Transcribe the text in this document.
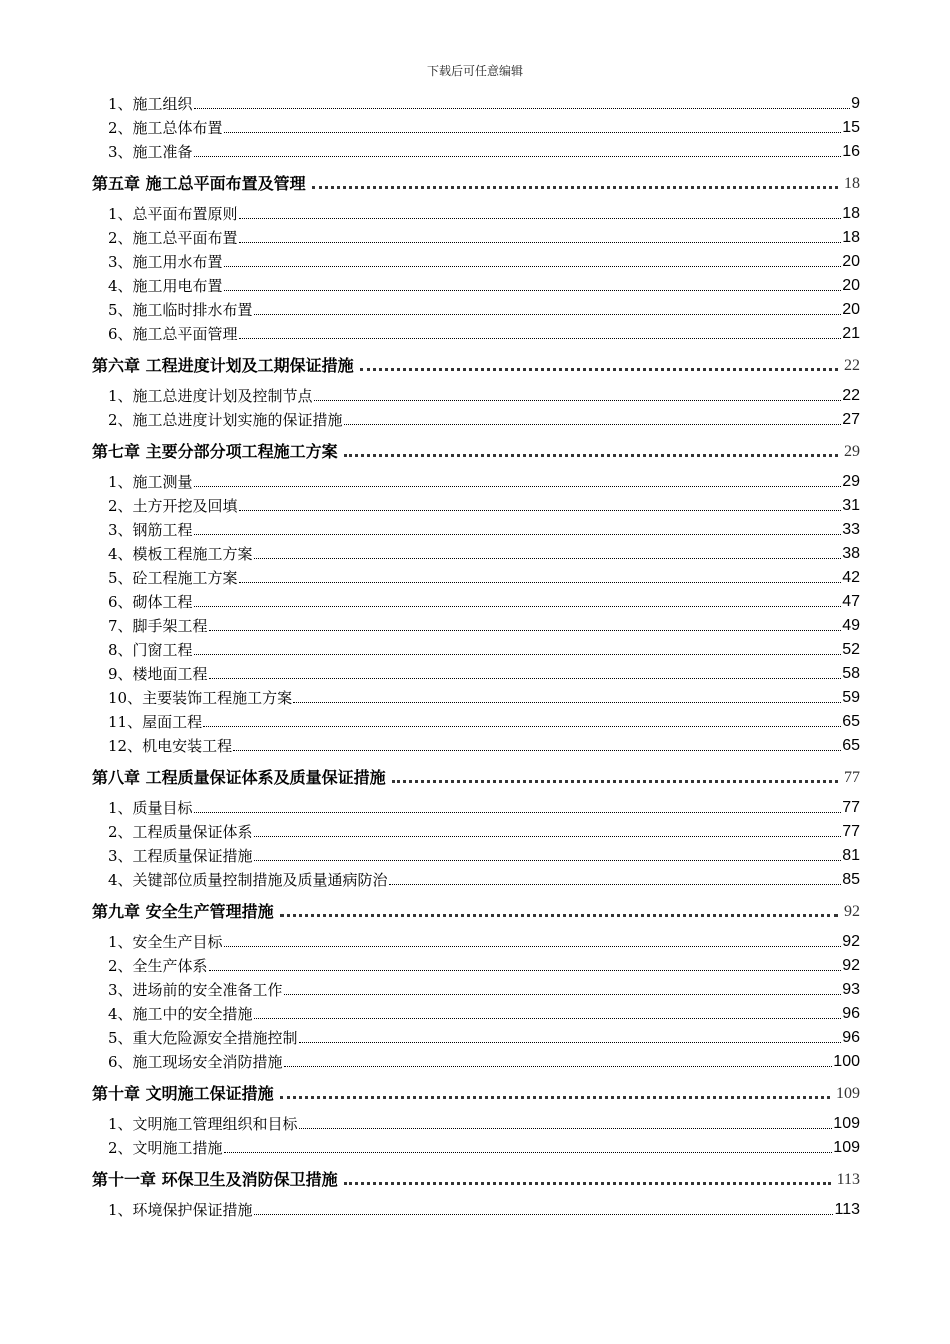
下载后可任意编辑
1、施工组织	9
2、施工总体布置	15
3、施工准备	16
第五章 施工总平面布置及管理	18
1、总平面布置原则	18
2、施工总平面布置	18
3、施工用水布置	20
4、施工用电布置	20
5、施工临时排水布置	20
6、施工总平面管理	21
第六章 工程进度计划及工期保证措施	22
1、施工总进度计划及控制节点	22
2、施工总进度计划实施的保证措施	27
第七章 主要分部分项工程施工方案	29
1、施工测量	29
2、土方开挖及回填	31
3、钢筋工程	33
4、模板工程施工方案	38
5、砼工程施工方案	42
6、砌体工程	47
7、脚手架工程	49
8、门窗工程	52
9、楼地面工程	58
10、主要装饰工程施工方案	59
11、屋面工程	65
12、机电安装工程	65
第八章 工程质量保证体系及质量保证措施	77
1、质量目标	77
2、工程质量保证体系	77
3、工程质量保证措施	81
4、关键部位质量控制措施及质量通病防治	85
第九章 安全生产管理措施	92
1、安全生产目标	92
2、全生产体系	92
3、进场前的安全准备工作	93
4、施工中的安全措施	96
5、重大危险源安全措施控制	96
6、施工现场安全消防措施	100
第十章 文明施工保证措施	109
1、文明施工管理组织和目标	109
2、文明施工措施	109
第十一章 环保卫生及消防保卫措施	113
1、环境保护保证措施	113
